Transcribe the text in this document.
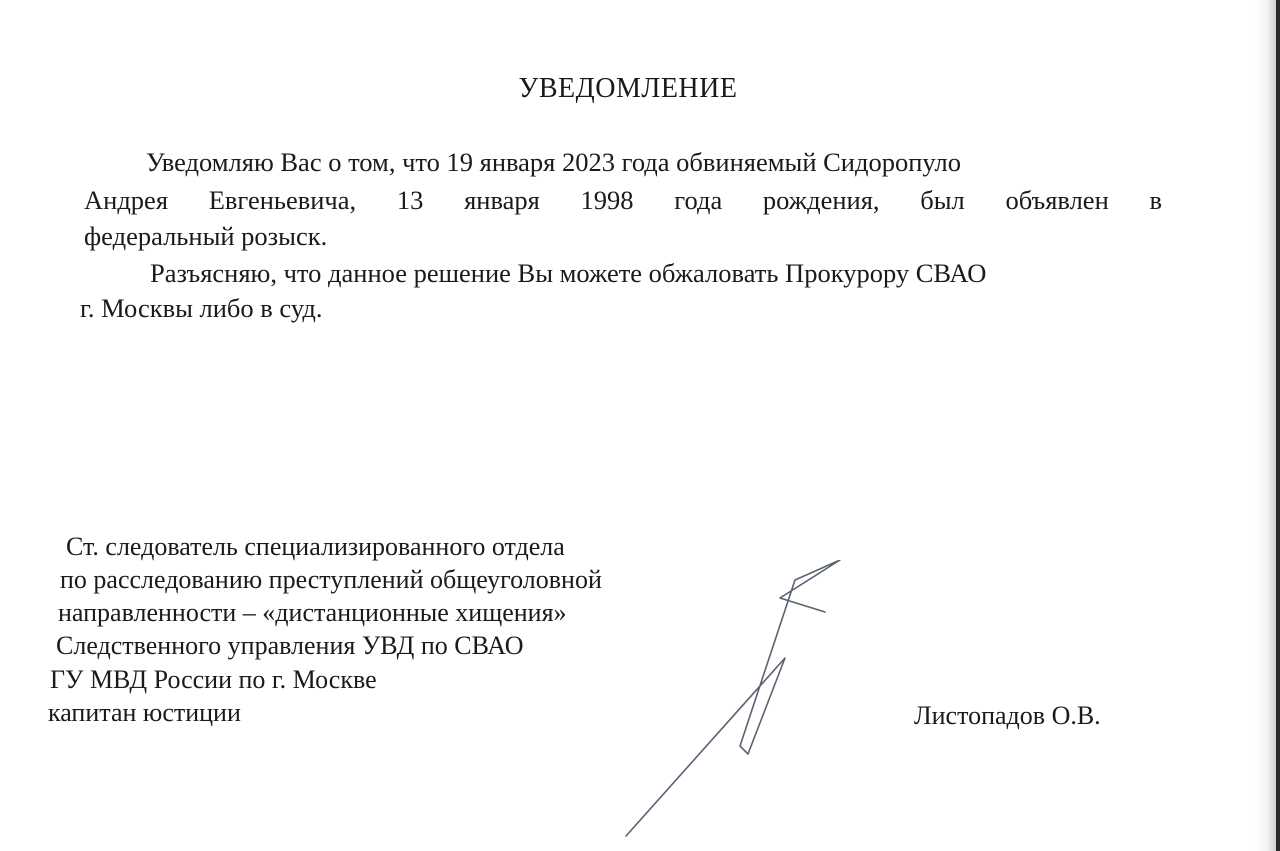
УВЕДОМЛЕНИЕ
Уведомляю Вас о том, что 19 января 2023 года обвиняемый Сидоропуло
Андрея Евгеньевича, 13 января 1998 года рождения, был объявлен в
федеральный розыск.
Разъясняю, что данное решение Вы можете обжаловать Прокурору СВАО
г. Москвы либо в суд.
Ст. следователь специализированного отдела
по расследованию преступлений общеуголовной
направленности – «дистанционные хищения»
Следственного управления УВД по СВАО
ГУ МВД России по г. Москве
капитан юстиции	Листопадов О.В.
